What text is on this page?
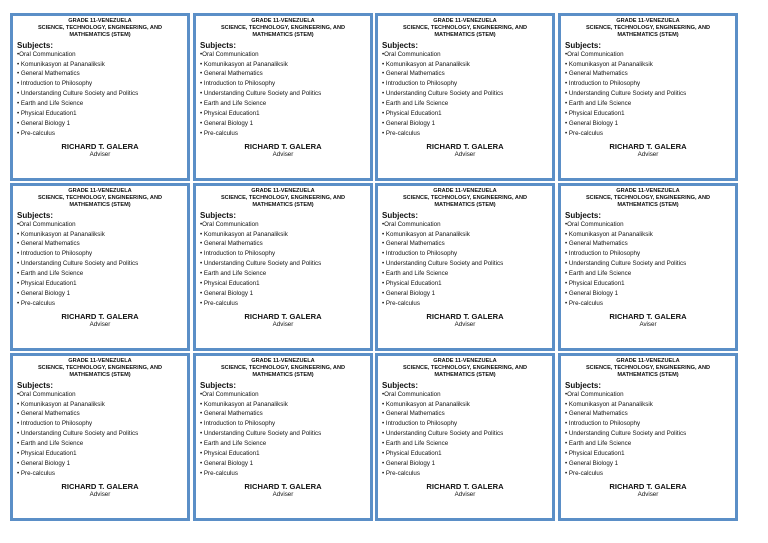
GRADE 11-VENEZUELA
SCIENCE, TECHNOLOGY, ENGINEERING, AND
MATHEMATICS (STEM)
Subjects:
•Oral Communication
• Komunikasyon at Pananaliksik
• General Mathematics
• Introduction to Philosophy
• Understanding Culture Society and Politics
• Earth and Life Science
• Physical Education1
• General Biology 1
• Pre-calculus
RICHARD T. GALERA
Adviser
GRADE 11-VENEZUELA
SCIENCE, TECHNOLOGY, ENGINEERING, AND
MATHEMATICS (STEM)
Subjects:
•Oral Communication
• Komunikasyon at Pananaliksik
• General Mathematics
• Introduction to Philosophy
• Understanding Culture Society and Politics
• Earth and Life Science
• Physical Education1
• General Biology 1
• Pre-calculus
RICHARD T. GALERA
Adviser
GRADE 11-VENEZUELA
SCIENCE, TECHNOLOGY, ENGINEERING, AND
MATHEMATICS (STEM)
Subjects:
•Oral Communication
• Komunikasyon at Pananaliksik
• General Mathematics
• Introduction to Philosophy
• Understanding Culture Society and Politics
• Earth and Life Science
• Physical Education1
• General Biology 1
• Pre-calculus
RICHARD T. GALERA
Adviser
GRADE 11-VENEZUELA
SCIENCE, TECHNOLOGY, ENGINEERING, AND
MATHEMATICS (STEM)
Subjects:
•Oral Communication
• Komunikasyon at Pananaliksik
• General Mathematics
• Introduction to Philosophy
• Understanding Culture Society and Politics
• Earth and Life Science
• Physical Education1
• General Biology 1
• Pre-calculus
RICHARD T. GALERA
Adviser
GRADE 11-VENEZUELA
SCIENCE, TECHNOLOGY, ENGINEERING, AND
MATHEMATICS (STEM)
Subjects:
•Oral Communication
• Komunikasyon at Pananaliksik
• General Mathematics
• Introduction to Philosophy
• Understanding Culture Society and Politics
• Earth and Life Science
• Physical Education1
• General Biology 1
• Pre-calculus
RICHARD T. GALERA
Adviser
GRADE 11-VENEZUELA
SCIENCE, TECHNOLOGY, ENGINEERING, AND
MATHEMATICS (STEM)
Subjects:
•Oral Communication
• Komunikasyon at Pananaliksik
• General Mathematics
• Introduction to Philosophy
• Understanding Culture Society and Politics
• Earth and Life Science
• Physical Education1
• General Biology 1
• Pre-calculus
RICHARD T. GALERA
Adviser
GRADE 11-VENEZUELA
SCIENCE, TECHNOLOGY, ENGINEERING, AND
MATHEMATICS (STEM)
Subjects:
•Oral Communication
• Komunikasyon at Pananaliksik
• General Mathematics
• Introduction to Philosophy
• Understanding Culture Society and Politics
• Earth and Life Science
• Physical Education1
• General Biology 1
• Pre-calculus
RICHARD T. GALERA
Adviser
GRADE 11-VENEZUELA
SCIENCE, TECHNOLOGY, ENGINEERING, AND
MATHEMATICS (STEM)
Subjects:
•Oral Communication
• Komunikasyon at Pananaliksik
• General Mathematics
• Introduction to Philosophy
• Understanding Culture Society and Politics
• Earth and Life Science
• Physical Education1
• General Biology 1
• Pre-calculus
RICHARD T. GALERA
Aviser
GRADE 11-VENEZUELA
SCIENCE, TECHNOLOGY, ENGINEERING, AND
MATHEMATICS (STEM)
Subjects:
•Oral Communication
• Komunikasyon at Pananaliksik
• General Mathematics
• Introduction to Philosophy
• Understanding Culture Society and Politics
• Earth and Life Science
• Physical Education1
• General Biology 1
• Pre-calculus
RICHARD T. GALERA
Adviser
GRADE 11-VENEZUELA
SCIENCE, TECHNOLOGY, ENGINEERING, AND
MATHEMATICS (STEM)
Subjects:
•Oral Communication
• Komunikasyon at Pananaliksik
• General Mathematics
• Introduction to Philosophy
• Understanding Culture Society and Politics
• Earth and Life Science
• Physical Education1
• General Biology 1
• Pre-calculus
RICHARD T. GALERA
Adviser
GRADE 11-VENEZUELA
SCIENCE, TECHNOLOGY, ENGINEERING, AND
MATHEMATICS (STEM)
Subjects:
•Oral Communication
• Komunikasyon at Pananaliksik
• General Mathematics
• Introduction to Philosophy
• Understanding Culture Society and Politics
• Earth and Life Science
• Physical Education1
• General Biology 1
• Pre-calculus
RICHARD T. GALERA
Adviser
GRADE 11-VENEZUELA
SCIENCE, TECHNOLOGY, ENGINEERING, AND
MATHEMATICS (STEM)
Subjects:
•Oral Communication
• Komunikasyon at Pananaliksik
• General Mathematics
• Introduction to Philosophy
• Understanding Culture Society and Politics
• Earth and Life Science
• Physical Education1
• General Biology 1
• Pre-calculus
RICHARD T. GALERA
Adviser
